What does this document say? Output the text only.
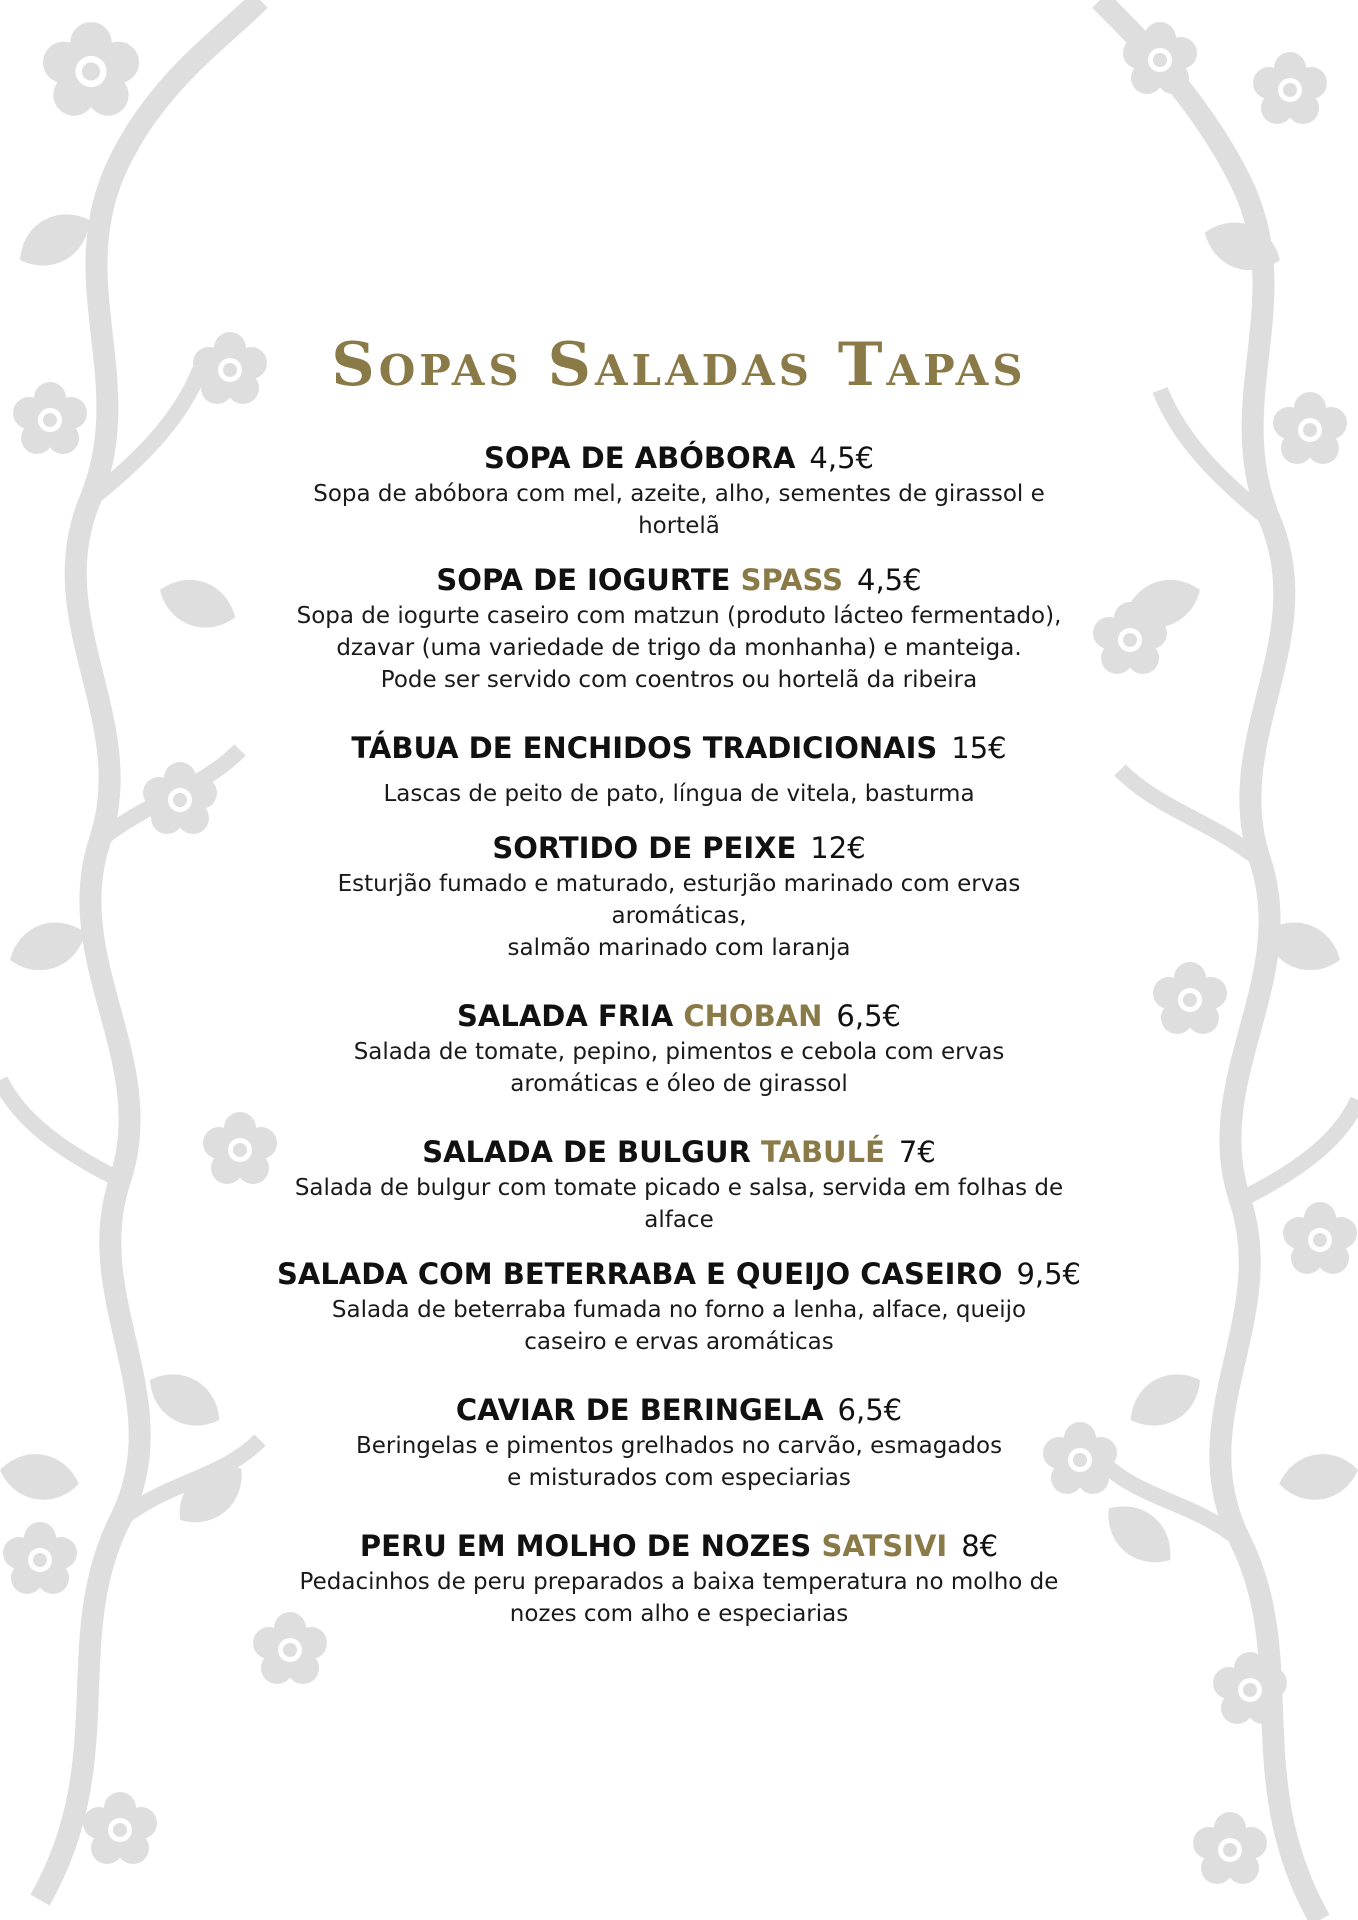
Sopas Saladas Tapas
SOPA DE ABÓBORA 4,5€
Sopa de abóbora com mel, azeite, alho, sementes de girassol e
hortelã
SOPA DE IOGURTE SPASS 4,5€
Sopa de iogurte caseiro com matzun (produto lácteo fermentado),
dzavar (uma variedade de trigo da monhanha) e manteiga.
Pode ser servido com coentros ou hortelã da ribeira
TÁBUA DE ENCHIDOS TRADICIONAIS 15€
Lascas de peito de pato, língua de vitela, basturma
SORTIDO DE PEIXE 12€
Esturjão fumado e maturado, esturjão marinado com ervas
aromáticas,
salmão marinado com laranja
SALADA FRIA CHOBAN 6,5€
Salada de tomate, pepino, pimentos e cebola com ervas
aromáticas e óleo de girassol
SALADA DE BULGUR TABULÉ 7€
Salada de bulgur com tomate picado e salsa, servida em folhas de
alface
SALADA COM BETERRABA E QUEIJO CASEIRO 9,5€
Salada de beterraba fumada no forno a lenha, alface, queijo
caseiro e ervas aromáticas
CAVIAR DE BERINGELA 6,5€
Beringelas e pimentos grelhados no carvão, esmagados
e misturados com especiarias
PERU EM MOLHO DE NOZES SATSIVI 8€
Pedacinhos de peru preparados a baixa temperatura no molho de
nozes com alho e especiarias
